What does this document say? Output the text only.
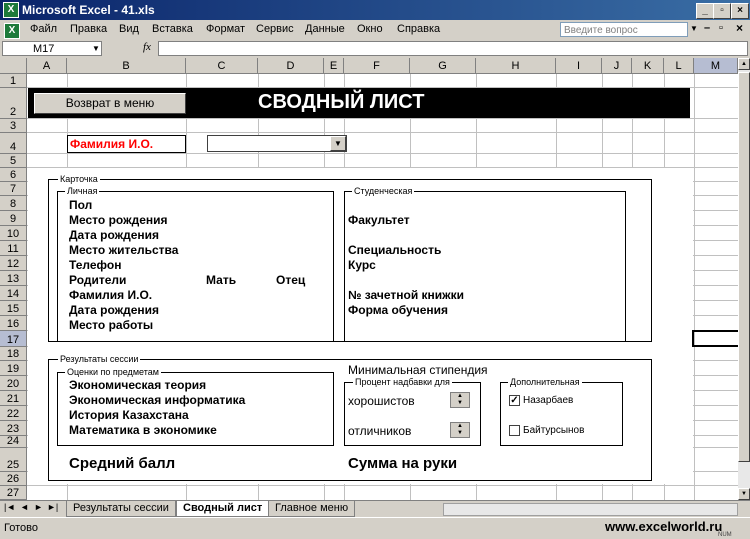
X Microsoft Excel - 41.xls	_	▫	×
X	Файл Правка Вид Вставка Формат Сервис Данные Окно Справка	Введите вопрос	▼ – ▫ ×
M17	▼	fx
A	B	C	D	E	F	G	H	I	J	K	L	M
1
2
3
4
5
6
7
8
9
10
11
12
13
14
15
16
17
18
19
20
21
22
23
24
25
26
27
Возврат в меню	СВОДНЫЙ ЛИСТ
Фамилия И.О.	▼
Карточка
Личная	Студенческая
Пол
Место рождения
Дата рождения
Место жительства
Телефон
Родители	Мать	Отец
Фамилия И.О.
Дата рождения
Место работы
Факультет
Специальность
Курс
№ зачетной книжки
Форма обучения
Результаты сессии
Оценки по предметам
Экономическая теория
Экономическая информатика
История Казахстана
Математика в экономике
Минимальная стипендия
Процент надбавки для
хорошистов	▲
▼
отличников	▲
▼
Дополнительная
✓ Назарбаев
Байтурсынов
Средний балл	Сумма на руки
▲
▼
|◄ ◄ ► ►|	Результаты сессии	Сводный лист	Главное меню
Готово	www.excelworld.ru
NUM
